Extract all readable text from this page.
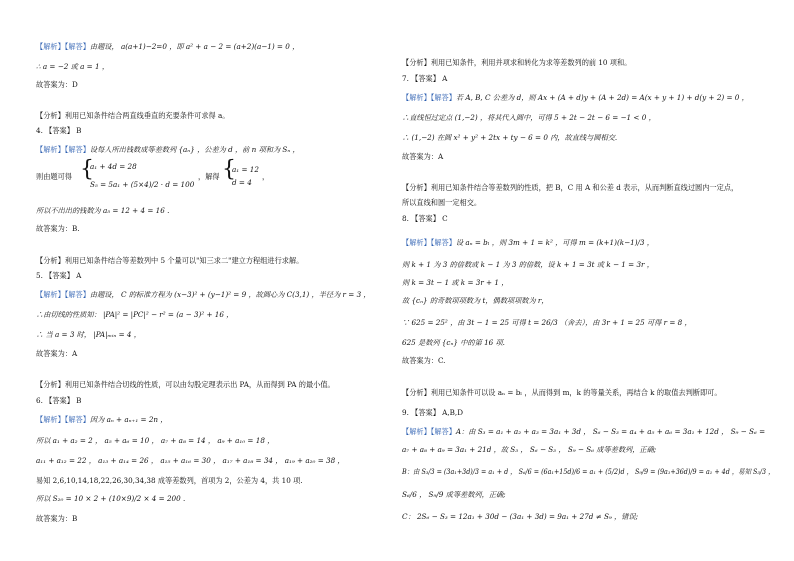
【解析】【解答】由题设， a(a+1)−2=0 ，即 a² + a − 2 = (a+2)(a−1) = 0 ，
∴ a = −2 或 a = 1 ，
故答案为：D
【分析】利用已知条件结合两直线垂直的充要条件可求得 a。
4. 【答案】 B
【解析】【解答】设每人所出钱数成等差数列 {aₙ} ，公差为 d ，前 n 项和为 Sₙ ，
则由题可得 {
a₁ + 4d = 28
S₅ = 5a₁ + (5×4)/2 · d = 100
，解得 {
a₁ = 12
d = 4
，
所以不出出的钱数为 a₅ = 12 + 4 = 16 .
故答案为：B.
【分析】利用已知条件结合等差数列中 5 个量可以"知三求二"建立方程组进行求解。
5. 【答案】 A
【解析】【解答】由题设， C 的标准方程为 (x−3)² + (y−1)² = 9 ，故圆心为 C(3,1) ，半径为 r = 3 ，
∴由切线的性质知： |PA|² = |PC|² − r² = (a − 3)² + 16 ，
∴ 当 a = 3 时， |PA|ₘᵢₙ = 4 ，
故答案为：A
【分析】利用已知条件结合切线的性质，可以由勾股定理表示出 PA，从而得到 PA 的最小值。
6. 【答案】 B
【解析】【解答】因为 aₙ + aₙ₊₁ = 2n ，
所以 a₁ + a₂ = 2 ， a₅ + a₆ = 10 ， a₇ + a₈ = 14 ， a₉ + a₁₀ = 18 ，
a₁₁ + a₁₂ = 22 ， a₁₃ + a₁₄ = 26 ， a₁₅ + a₁₆ = 30 ， a₁₇ + a₁₈ = 34 ， a₁₉ + a₂₀ = 38 ，
易知 2,6,10,14,18,22,26,30,34,38 成等差数列，首项为 2，公差为 4，共 10 项.
所以 S₂₀ = 10 × 2 + (10×9)/2 × 4 = 200 .
故答案为：B
【分析】利用已知条件，利用并项求和转化为求等差数列的前 10 项和。
7. 【答案】 A
【解析】【解答】若 A, B, C 公差为 d，则 Ax + (A + d)y + (A + 2d) = A(x + y + 1) + d(y + 2) = 0 ，
∴直线恒过定点 (1,−2) ，将其代入圆中，可得 5 + 2t − 2t − 6 = −1 < 0 ，
∴ (1,−2) 在圆 x² + y² + 2tx + ty − 6 = 0 内，故直线与圆相交.
故答案为：A
【分析】利用已知条件结合等差数列的性质，把 B，C 用 A 和公差 d 表示，从而判断直线过圆内一定点，
所以直线和圆一定相交。
8. 【答案】 C
【解析】【解答】设 aₙ = bₗ ，则 3m + 1 = k² ，可得 m = (k+1)(k−1)/3 ，
则 k + 1 为 3 的倍数或 k − 1 为 3 的倍数，设 k + 1 = 3t 或 k − 1 = 3r ，
则 k = 3t − 1 或 k = 3r + 1 ，
故 {cₙ} 的奇数项项数为 t，偶数项项数为 r，
∵ 625 = 25² ，由 3t − 1 = 25 可得 t = 26/3 （舍去），由 3r + 1 = 25 可得 r = 8 ，
625 是数列 {cₙ} 中的第 16 项.
故答案为：C.
【分析】利用已知条件可以设 aₙ = bₗ ，从而得到 m，k 的等量关系，再结合 k 的取值去判断即可。
9. 【答案】 A,B,D
【解析】【解答】A：由 S₃ = a₁ + a₂ + a₃ = 3a₁ + 3d ， S₆ − S₃ = a₄ + a₅ + a₆ = 3a₁ + 12d ， S₉ − S₆ =
a₇ + a₈ + a₉ = 3a₁ + 21d ，故 S₃ ， S₆ − S₃ ， S₉ − S₆ 成等差数列，正确;
B：由 S₃/3 = (3a₁+3d)/3 = a₁ + d ， S₆/6 = (6a₁+15d)/6 = a₁ + (5/2)d ， S₉/9 = (9a₁+36d)/9 = a₁ + 4d ，易知 S₃/3 ，
S₆/6 ， S₉/9 成等差数列，正确;
C： 2S₆ − S₃ = 12a₁ + 30d − (3a₁ + 3d) = 9a₁ + 27d ≠ S₉ ，错误;
